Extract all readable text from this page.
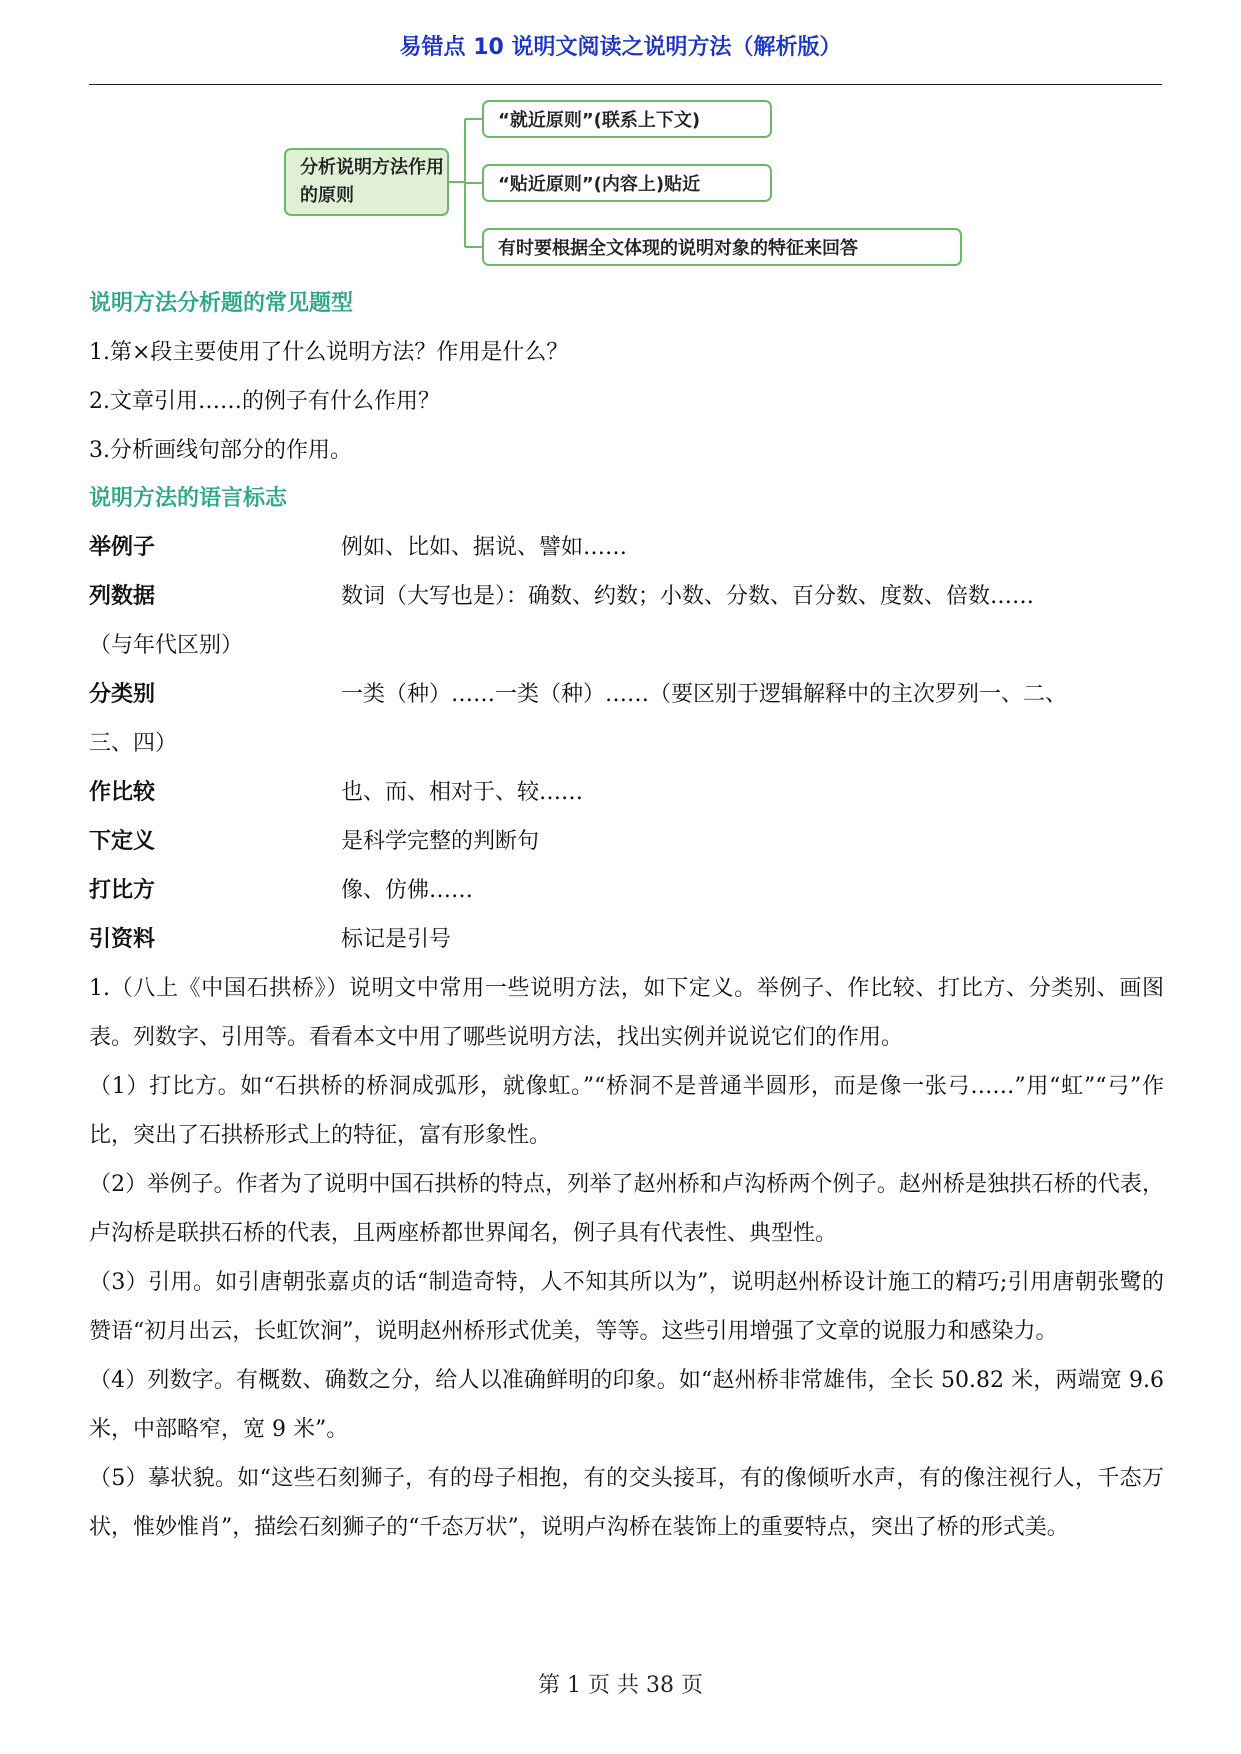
易错点 10 说明文阅读之说明方法（解析版）
分析说明方法作用的原则
“就近原则”(联系上下文)
“贴近原则”(内容上)贴近
有时要根据全文体现的说明对象的特征来回答
说明方法分析题的常见题型

1.第×段主要使用了什么说明方法？作用是什么？

2.文章引用……的例子有什么作用？

3.分析画线句部分的作用。

说明方法的语言标志
举例子	例如、比如、据说、譬如……
列数据	数词（大写也是）：确数、约数；小数、分数、百分数、度数、倍数……

（与年代区别）

分类别	一类（种）……一类（种）……（要区别于逻辑解释中的主次罗列一、二、

三、四）

作比较	也、而、相对于、较……
下定义	是科学完整的判断句
打比方	像、仿佛……
引资料	标记是引号

1.（八上《中国石拱桥》）说明文中常用一些说明方法，如下定义。举例子、作比较、打比方、分类别、画图表。列数字、引用等。看看本文中用了哪些说明方法，找出实例并说说它们的作用。

（1）打比方。如“石拱桥的桥洞成弧形，就像虹。”“桥洞不是普通半圆形，而是像一张弓……”用“虹”“弓”作比，突出了石拱桥形式上的特征，富有形象性。

（2）举例子。作者为了说明中国石拱桥的特点，列举了赵州桥和卢沟桥两个例子。赵州桥是独拱石桥的代表，卢沟桥是联拱石桥的代表，且两座桥都世界闻名，例子具有代表性、典型性。

（3）引用。如引唐朝张嘉贞的话“制造奇特，人不知其所以为”，说明赵州桥设计施工的精巧;引用唐朝张鹭的赞语“初月出云，长虹饮涧”，说明赵州桥形式优美，等等。这些引用增强了文章的说服力和感染力。

（4）列数字。有概数、确数之分，给人以准确鲜明的印象。如“赵州桥非常雄伟，全长 50.82 米，两端宽 9.6 米，中部略窄，宽 9 米”。

（5）摹状貌。如“这些石刻狮子，有的母子相抱，有的交头接耳，有的像倾听水声，有的像注视行人，千态万状，惟妙惟肖”，描绘石刻狮子的“千态万状”，说明卢沟桥在装饰上的重要特点，突出了桥的形式美。

第 1 页 共 38 页
